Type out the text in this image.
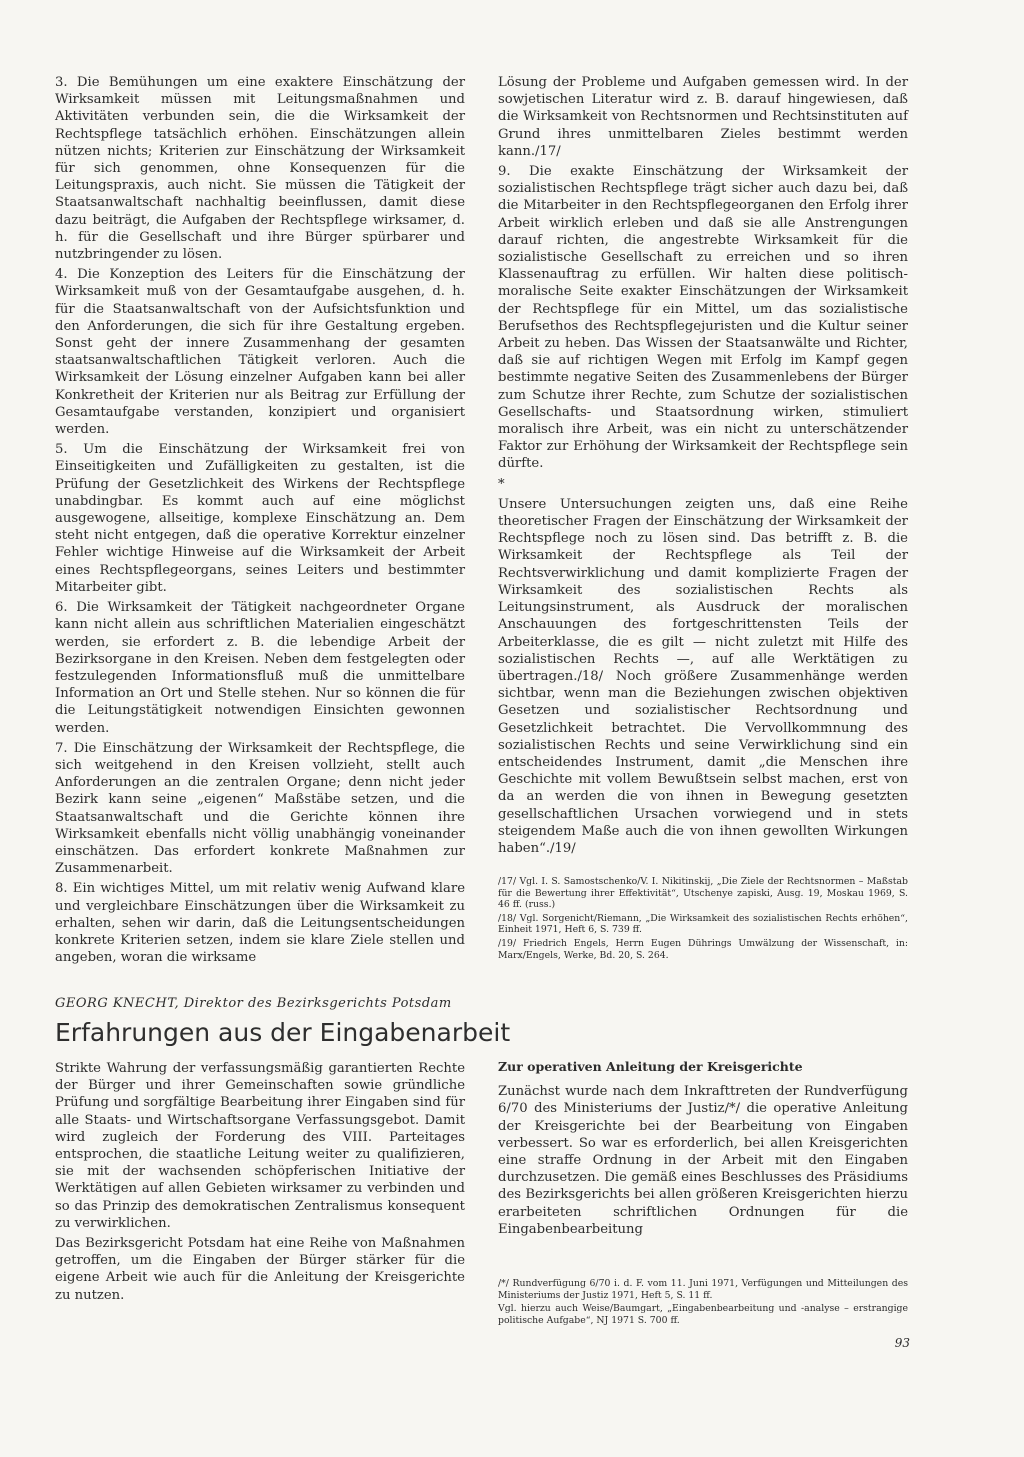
3. Die Bemühungen um eine exaktere Einschätzung der Wirksamkeit müssen mit Leitungsmaßnahmen und Aktivitäten verbunden sein, die die Wirksamkeit der Rechtspflege tatsächlich erhöhen. Einschätzungen allein nützen nichts; Kriterien zur Einschätzung der Wirksamkeit für sich genommen, ohne Konsequenzen für die Leitungspraxis, auch nicht. Sie müssen die Tätigkeit der Staatsanwaltschaft nachhaltig beeinflussen, damit diese dazu beiträgt, die Aufgaben der Rechtspflege wirksamer, d. h. für die Gesellschaft und ihre Bürger spürbarer und nutzbringender zu lösen.

4. Die Konzeption des Leiters für die Einschätzung der Wirksamkeit muß von der Gesamtaufgabe ausgehen, d. h. für die Staatsanwaltschaft von der Aufsichtsfunktion und den Anforderungen, die sich für ihre Gestaltung ergeben. Sonst geht der innere Zusammenhang der gesamten staatsanwaltschaftlichen Tätigkeit verloren. Auch die Wirksamkeit der Lösung einzelner Aufgaben kann bei aller Konkretheit der Kriterien nur als Beitrag zur Erfüllung der Gesamtaufgabe verstanden, konzipiert und organisiert werden.

5. Um die Einschätzung der Wirksamkeit frei von Einseitigkeiten und Zufälligkeiten zu gestalten, ist die Prüfung der Gesetzlichkeit des Wirkens der Rechtspflege unabdingbar. Es kommt auch auf eine möglichst ausgewogene, allseitige, komplexe Einschätzung an. Dem steht nicht entgegen, daß die operative Korrektur einzelner Fehler wichtige Hinweise auf die Wirksamkeit der Arbeit eines Rechtspflegeorgans, seines Leiters und bestimmter Mitarbeiter gibt.

6. Die Wirksamkeit der Tätigkeit nachgeordneter Organe kann nicht allein aus schriftlichen Materialien eingeschätzt werden, sie erfordert z. B. die lebendige Arbeit der Bezirksorgane in den Kreisen. Neben dem festgelegten oder festzulegenden Informationsfluß muß die unmittelbare Information an Ort und Stelle stehen. Nur so können die für die Leitungstätigkeit notwendigen Einsichten gewonnen werden.

7. Die Einschätzung der Wirksamkeit der Rechtspflege, die sich weitgehend in den Kreisen vollzieht, stellt auch Anforderungen an die zentralen Organe; denn nicht jeder Bezirk kann seine „eigenen“ Maßstäbe setzen, und die Staatsanwaltschaft und die Gerichte können ihre Wirksamkeit ebenfalls nicht völlig unabhängig voneinander einschätzen. Das erfordert konkrete Maßnahmen zur Zusammenarbeit.

8. Ein wichtiges Mittel, um mit relativ wenig Aufwand klare und vergleichbare Einschätzungen über die Wirksamkeit zu erhalten, sehen wir darin, daß die Leitungsentscheidungen konkrete Kriterien setzen, indem sie klare Ziele stellen und angeben, woran die wirksame

Lösung der Probleme und Aufgaben gemessen wird. In der sowjetischen Literatur wird z. B. darauf hingewiesen, daß die Wirksamkeit von Rechtsnormen und Rechtsinstituten auf Grund ihres unmittelbaren Zieles bestimmt werden kann./17/

9. Die exakte Einschätzung der Wirksamkeit der sozialistischen Rechtspflege trägt sicher auch dazu bei, daß die Mitarbeiter in den Rechtspflegeorganen den Erfolg ihrer Arbeit wirklich erleben und daß sie alle Anstrengungen darauf richten, die angestrebte Wirksamkeit für die sozialistische Gesellschaft zu erreichen und so ihren Klassenauftrag zu erfüllen. Wir halten diese politisch-moralische Seite exakter Einschätzungen der Wirksamkeit der Rechtspflege für ein Mittel, um das sozialistische Berufsethos des Rechtspflegejuristen und die Kultur seiner Arbeit zu heben. Das Wissen der Staatsanwälte und Richter, daß sie auf richtigen Wegen mit Erfolg im Kampf gegen bestimmte negative Seiten des Zusammenlebens der Bürger zum Schutze ihrer Rechte, zum Schutze der sozialistischen Gesellschafts- und Staatsordnung wirken, stimuliert moralisch ihre Arbeit, was ein nicht zu unterschätzender Faktor zur Erhöhung der Wirksamkeit der Rechtspflege sein dürfte.

*

Unsere Untersuchungen zeigten uns, daß eine Reihe theoretischer Fragen der Einschätzung der Wirksamkeit der Rechtspflege noch zu lösen sind. Das betrifft z. B. die Wirksamkeit der Rechtspflege als Teil der Rechtsverwirklichung und damit komplizierte Fragen der Wirksamkeit des sozialistischen Rechts als Leitungsinstrument, als Ausdruck der moralischen Anschauungen des fortgeschrittensten Teils der Arbeiterklasse, die es gilt — nicht zuletzt mit Hilfe des sozialistischen Rechts —, auf alle Werktätigen zu übertragen./18/ Noch größere Zusammenhänge werden sichtbar, wenn man die Beziehungen zwischen objektiven Gesetzen und sozialistischer Rechtsordnung und Gesetzlichkeit betrachtet. Die Vervollkommnung des sozialistischen Rechts und seine Verwirklichung sind ein entscheidendes Instrument, damit „die Menschen ihre Geschichte mit vollem Bewußtsein selbst machen, erst von da an werden die von ihnen in Bewegung gesetzten gesellschaftlichen Ursachen vorwiegend und in stets steigendem Maße auch die von ihnen gewollten Wirkungen haben“./19/

/17/ Vgl. I. S. Samostschenko/V. I. Nikitinskij, „Die Ziele der Rechtsnormen – Maßstab für die Bewertung ihrer Effektivität“, Utschenye zapiski, Ausg. 19, Moskau 1969, S. 46 ff. (russ.)

/18/ Vgl. Sorgenicht/Riemann, „Die Wirksamkeit des sozialistischen Rechts erhöhen“, Einheit 1971, Heft 6, S. 739 ff.

/19/ Friedrich Engels, Herrn Eugen Dührings Umwälzung der Wissenschaft, in: Marx/Engels, Werke, Bd. 20, S. 264.

GEORG KNECHT, Direktor des Bezirksgerichts Potsdam
Erfahrungen aus der Eingabenarbeit

Strikte Wahrung der verfassungsmäßig garantierten Rechte der Bürger und ihrer Gemeinschaften sowie gründliche Prüfung und sorgfältige Bearbeitung ihrer Eingaben sind für alle Staats- und Wirtschaftsorgane Verfassungsgebot. Damit wird zugleich der Forderung des VIII. Parteitages entsprochen, die staatliche Leitung weiter zu qualifizieren, sie mit der wachsenden schöpferischen Initiative der Werktätigen auf allen Gebieten wirksamer zu verbinden und so das Prinzip des demokratischen Zentralismus konsequent zu verwirklichen.

Das Bezirksgericht Potsdam hat eine Reihe von Maßnahmen getroffen, um die Eingaben der Bürger stärker für die eigene Arbeit wie auch für die Anleitung der Kreisgerichte zu nutzen.

Zur operativen Anleitung der Kreisgerichte

Zunächst wurde nach dem Inkrafttreten der Rundverfügung 6/70 des Ministeriums der Justiz/*/ die operative Anleitung der Kreisgerichte bei der Bearbeitung von Eingaben verbessert. So war es erforderlich, bei allen Kreisgerichten eine straffe Ordnung in der Arbeit mit den Eingaben durchzusetzen. Die gemäß eines Beschlusses des Präsidiums des Bezirksgerichts bei allen größeren Kreisgerichten hierzu erarbeiteten schriftlichen Ordnungen für die Eingabenbearbeitung

/*/ Rundverfügung 6/70 i. d. F. vom 11. Juni 1971, Verfügungen und Mitteilungen des Ministeriums der Justiz 1971, Heft 5, S. 11 ff.

Vgl. hierzu auch Weise/Baumgart, „Eingabenbearbeitung und -analyse – erstrangige politische Aufgabe“, NJ 1971 S. 700 ff.

93
